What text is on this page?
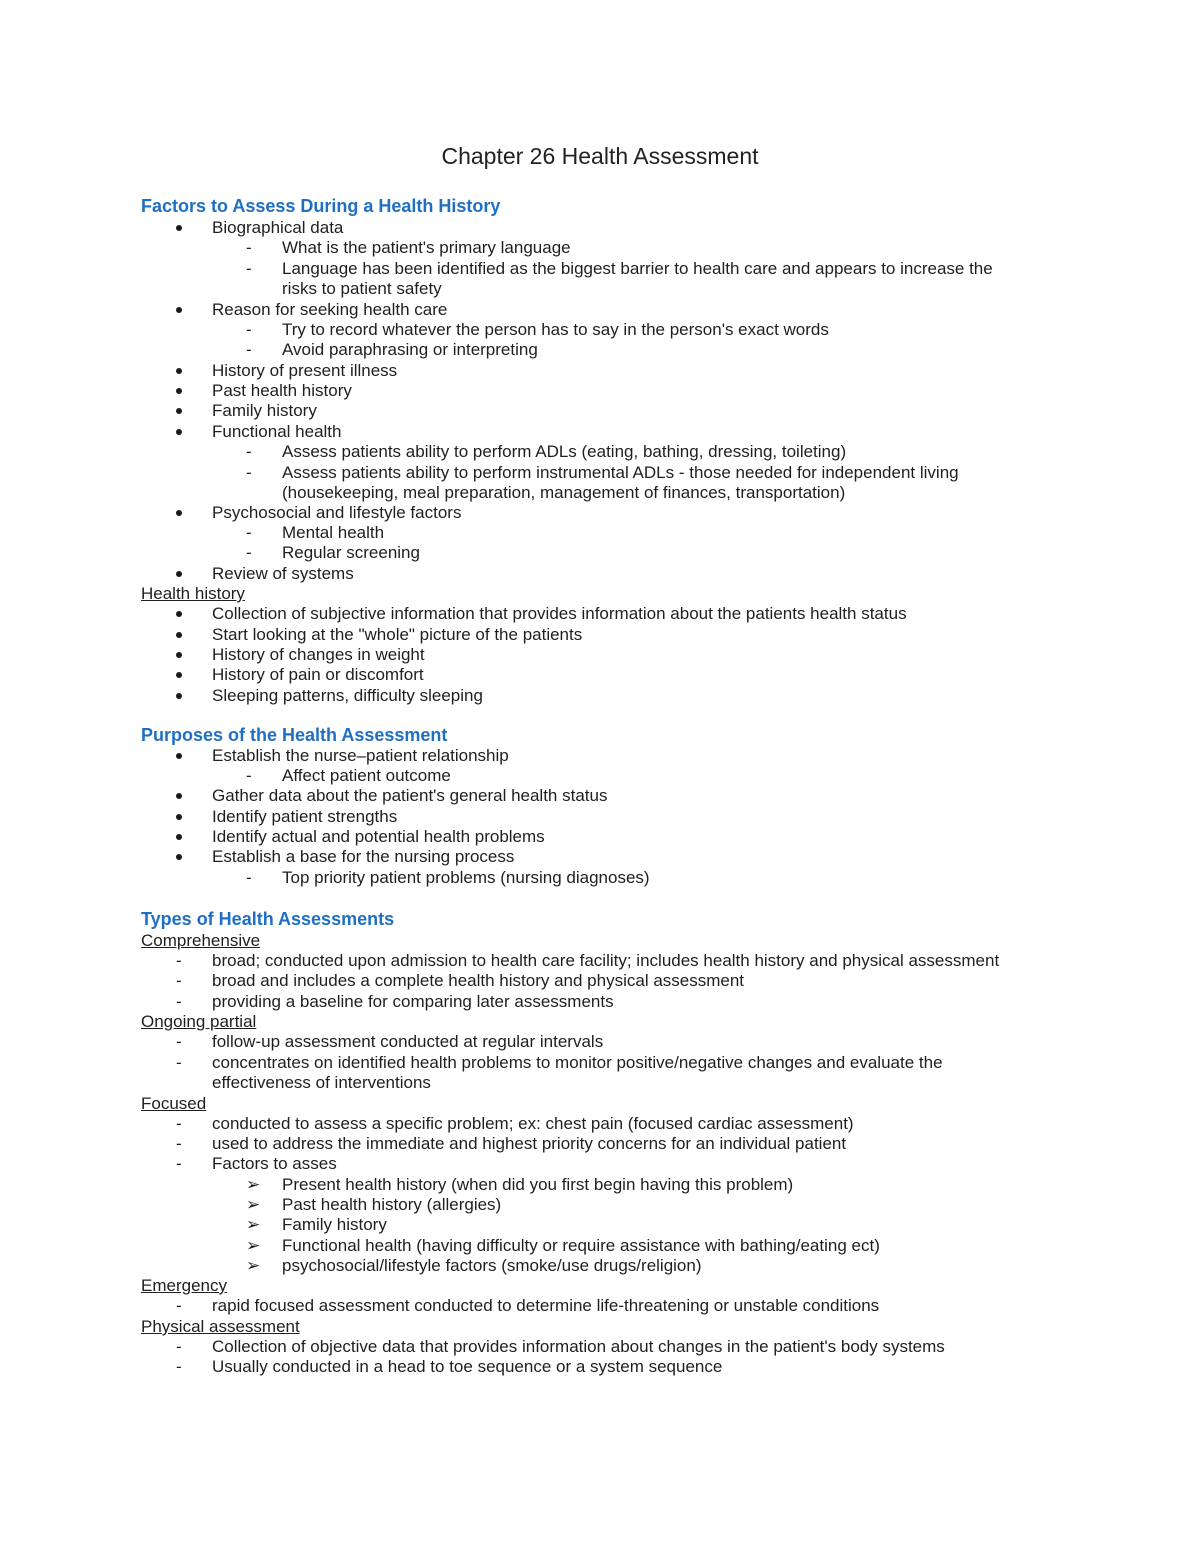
Chapter 26 Health Assessment
Factors to Assess During a Health History
Biographical data
- What is the patient's primary language
- Language has been identified as the biggest barrier to health care and appears to increase the
risks to patient safety
Reason for seeking health care
- Try to record whatever the person has to say in the person's exact words
- Avoid paraphrasing or interpreting
History of present illness
Past health history
Family history
Functional health
- Assess patients ability to perform ADLs (eating, bathing, dressing, toileting)
- Assess patients ability to perform instrumental ADLs - those needed for independent living
(housekeeping, meal preparation, management of finances, transportation)
Psychosocial and lifestyle factors
- Mental health
- Regular screening
Review of systems
Health history
Collection of subjective information that provides information about the patients health status
Start looking at the "whole" picture of the patients
History of changes in weight
History of pain or discomfort
Sleeping patterns, difficulty sleeping
Purposes of the Health Assessment
Establish the nurse–patient relationship
- Affect patient outcome
Gather data about the patient's general health status
Identify patient strengths
Identify actual and potential health problems
Establish a base for the nursing process
- Top priority patient problems (nursing diagnoses)
Types of Health Assessments
Comprehensive
- broad; conducted upon admission to health care facility; includes health history and physical assessment
- broad and includes a complete health history and physical assessment
- providing a baseline for comparing later assessments
Ongoing partial
- follow-up assessment conducted at regular intervals
- concentrates on identified health problems to monitor positive/negative changes and evaluate the
effectiveness of interventions
Focused
- conducted to assess a specific problem; ex: chest pain (focused cardiac assessment)
- used to address the immediate and highest priority concerns for an individual patient
- Factors to asses
➢ Present health history (when did you first begin having this problem)
➢ Past health history (allergies)
➢ Family history
➢ Functional health (having difficulty or require assistance with bathing/eating ect)
➢ psychosocial/lifestyle factors (smoke/use drugs/religion)
Emergency
- rapid focused assessment conducted to determine life-threatening or unstable conditions
Physical assessment
- Collection of objective data that provides information about changes in the patient's body systems
- Usually conducted in a head to toe sequence or a system sequence
